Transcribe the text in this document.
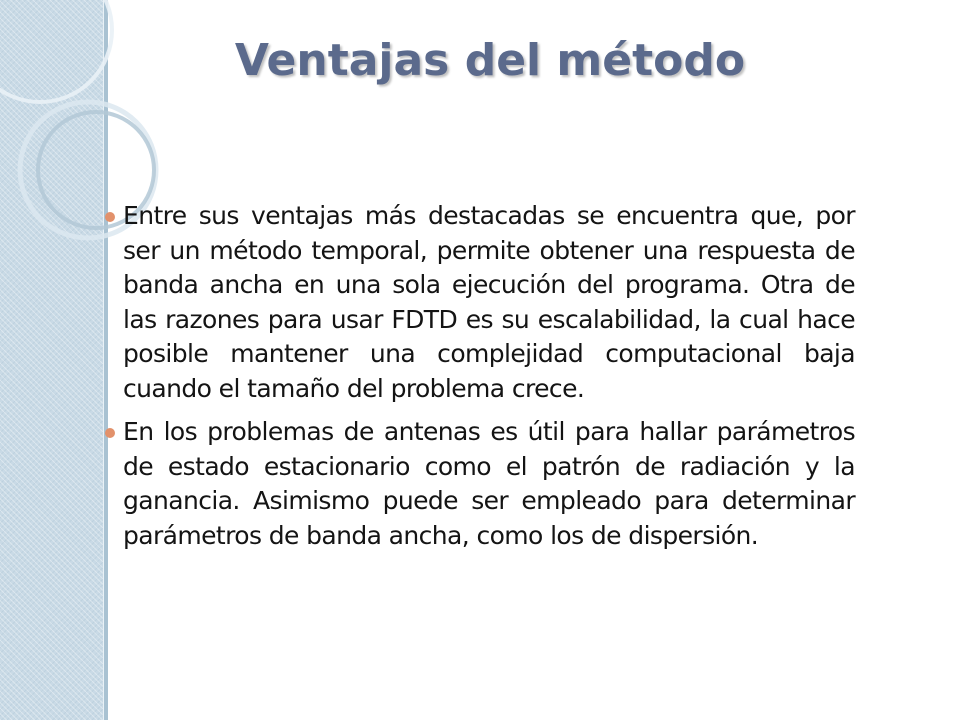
Ventajas del método
Entre sus ventajas más destacadas se encuentra que, por ser un método temporal, permite obtener una respuesta de banda ancha en una sola ejecución del programa. Otra de las razones para usar FDTD es su escalabilidad, la cual hace posible mantener una complejidad computacional baja cuando el tamaño del problema crece.
En los problemas de antenas es útil para hallar parámetros de estado estacionario como el patrón de radiación y la ganancia. Asimismo puede ser empleado para determinar parámetros de banda ancha, como los de dispersión.
